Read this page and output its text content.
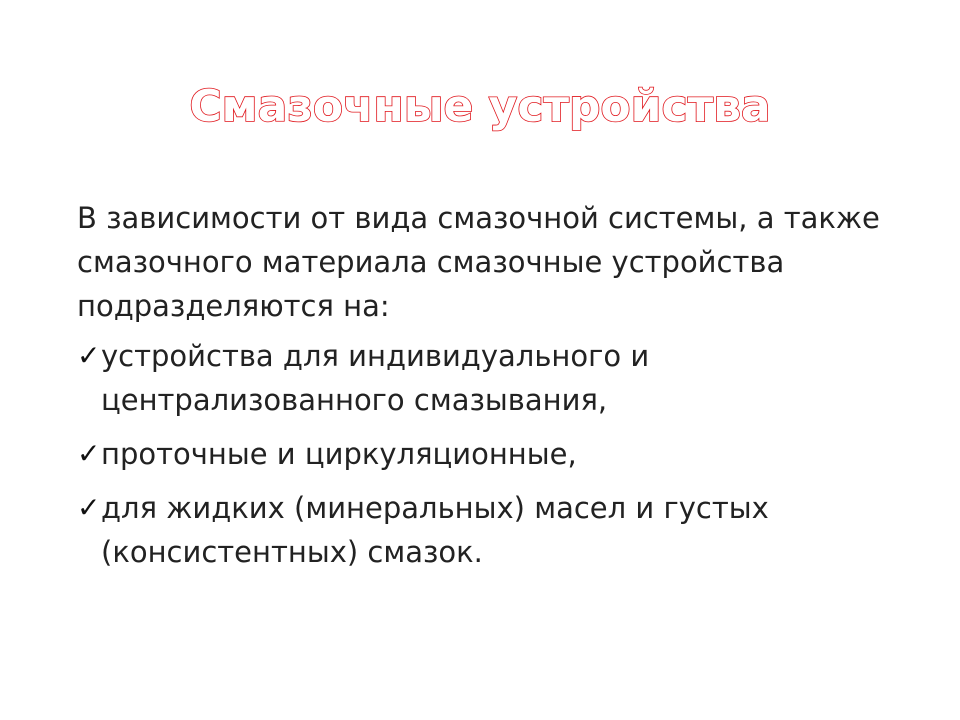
Смазочные устройства

В зависимости от вида смазочной системы, а также смазочного материала смазочные устройства подразделяются на:

✓ устройства для индивидуального и централизованного смазывания,
✓ проточные и циркуляционные,
✓ для жидких (минеральных) масел и густых (консистентных) смазок.
